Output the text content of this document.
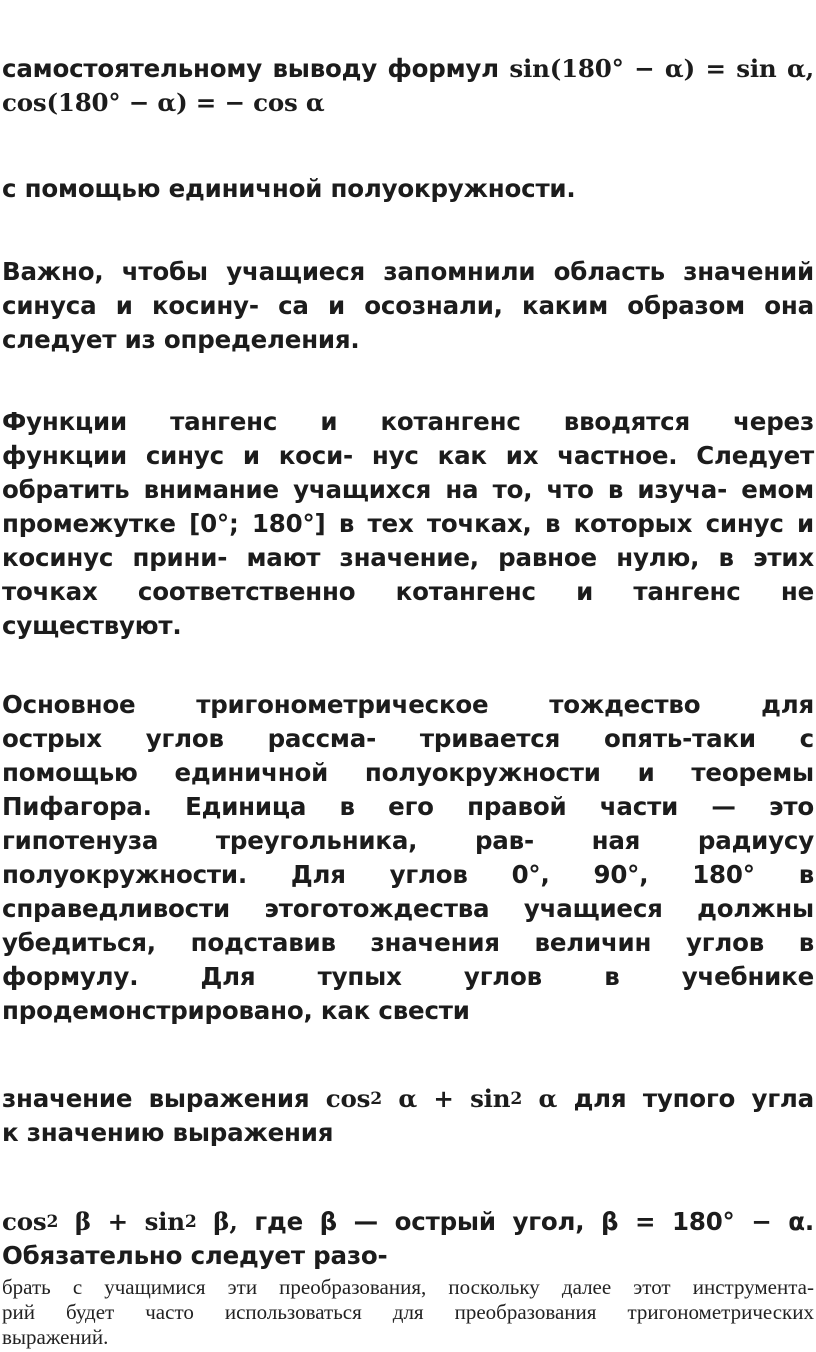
самостоятельному выводу формул sin(180° − α) = sin α,
cos(180° − α) = − cos α
с помощью единичной полуокружности.
Важно, чтобы учащиеся запомнили область значений
синуса и косину- са и осознали, каким образом она
следует из определения.
Функции тангенс и котангенс вводятся через
функции синус и коси- нус как их частное. Следует
обратить внимание учащихся на то, что в изуча- емом
промежутке [0°; 180°] в тех точках, в которых синус и
косинус прини- мают значение, равное нулю, в этих
точках соответственно котангенс и тангенс не
существуют.
Основное тригонометрическое тождество для
острых углов рассма- тривается опять-таки с
помощью единичной полуокружности и теоремы
Пифагора. Единица в его правой части — это
гипотенуза треугольника, рав- ная радиусу
полуокружности. Для углов 0°, 90°, 180° в
справедливости этоготождества учащиеся должны
убедиться, подставив значения величин углов в
формулу. Для тупых углов в учебнике
продемонстрировано, как свести
значение выражения $\cos^2 \alpha + \sin^2 \alpha$ для тупого угла
к значению выражения
$\cos^2 \beta + \sin^2 \beta$, где β — острый угол, β = 180° − α.
Обязательно следует разо-
брать с учащимися эти преобразования, поскольку далее этот инструмента-
рий будет часто использоваться для преобразования тригонометрических
выражений.
